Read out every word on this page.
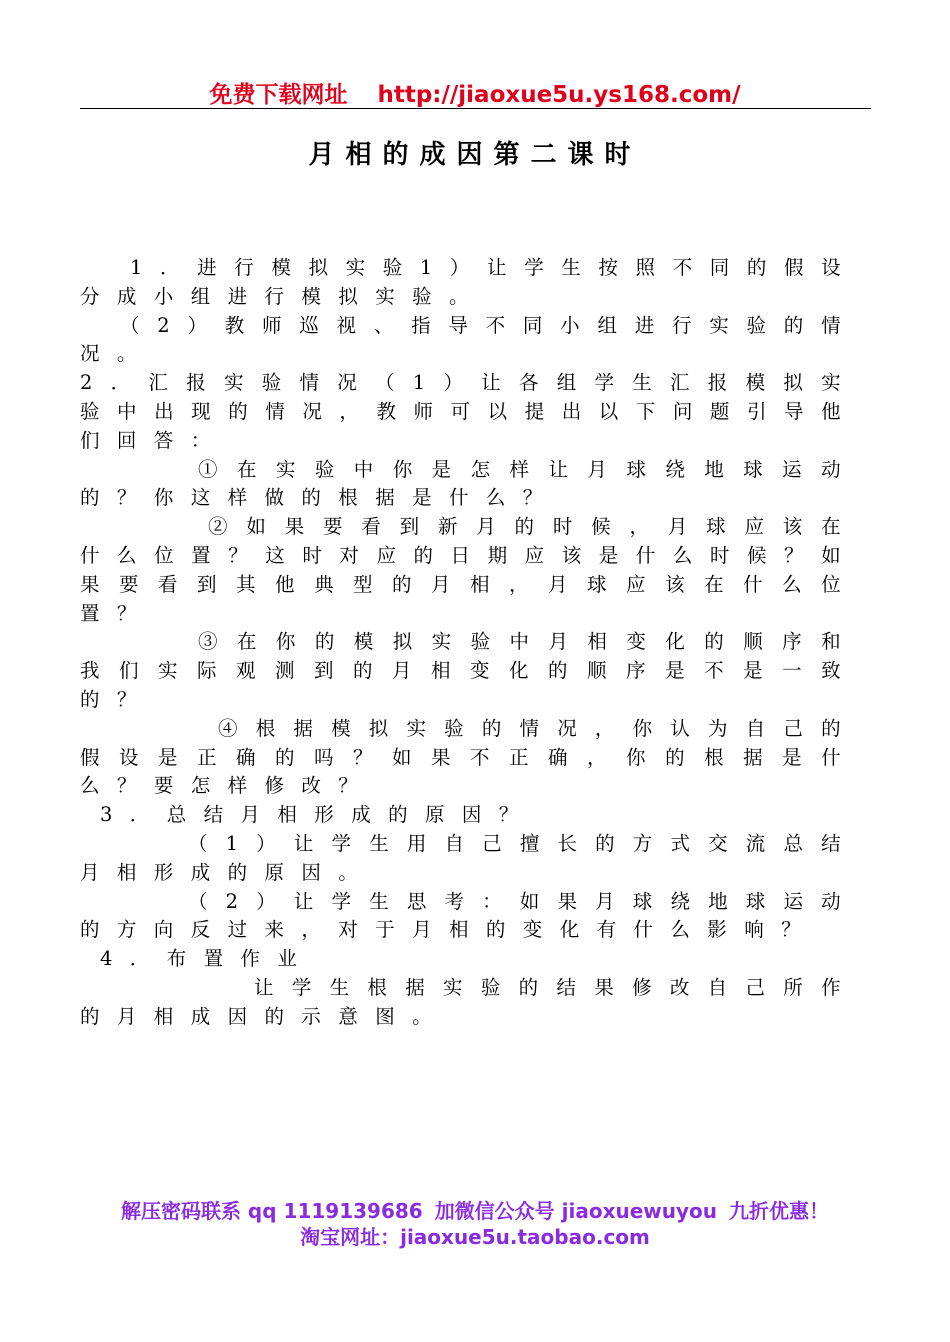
免费下载网址 http://jiaoxue5u.ys168.com/
月相的成因第二课时

1．进行模拟实验1）让学生按照不同的假设分成小组进行模拟实验。

（2）教师巡视、指导不同小组进行实验的情况。

2．汇报实验情况（1）让各组学生汇报模拟实验中出现的情况，教师可以提出以下问题引导他们回答：

①在实验中你是怎样让月球绕地球运动的？你这样做的根据是什么？

②如果要看到新月的时候，月球应该在什么位置？这时对应的日期应该是什么时候？如果要看到其他典型的月相，月球应该在什么位置？

③在你的模拟实验中月相变化的顺序和我们实际观测到的月相变化的顺序是不是一致的？

④根据模拟实验的情况，你认为自己的假设是正确的吗？如果不正确，你的根据是什么？要怎样修改？

3．总结月相形成的原因？

（1）让学生用自己擅长的方式交流总结月相形成的原因。

（2）让学生思考：如果月球绕地球运动的方向反过来，对于月相的变化有什么影响？

4．布置作业

让学生根据实验的结果修改自己所作的月相成因的示意图。

解压密码联系 qq 1119139686 加微信公众号 jiaoxuewuyou 九折优惠！
淘宝网址：jiaoxue5u.taobao.com
